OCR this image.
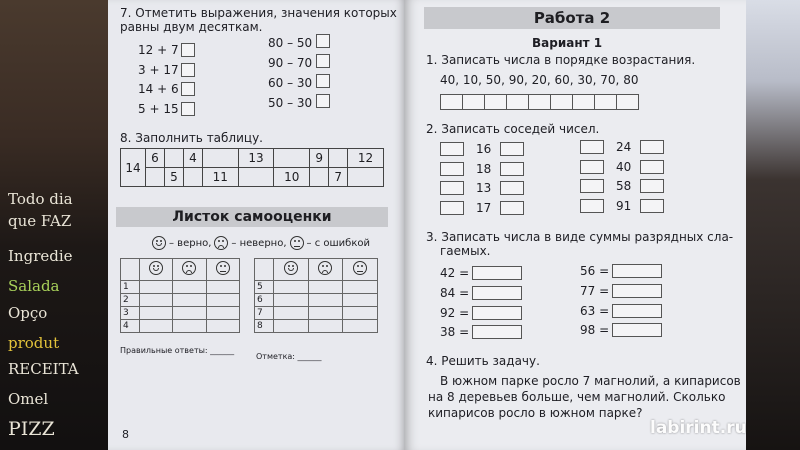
Todo dia
que FAZ
Ingredie
Salada
Opço
produt
RECEITA
Omel
PIZZ
7. Отметить выражения, значения которых
равны двум десяткам.
12 + 7
3 + 17
14 + 6
5 + 15
80 – 50
90 – 70
60 – 30
50 – 30
8. Заполнить таблицу.
14	6		4		13		9		12
		5		11		10		7	
Листок самооценки
– верно, – неверно, – с ошибкой

1			
2			
3			
4			

5			
6			
7			
8			
Правильные ответы: ______
Отметка: ______
8
Работа 2
Вариант 1
1. Записать числа в порядке возрастания.
40, 10, 50, 90, 20, 60, 30, 70, 80
2. Записать соседей чисел.
16
18
13
17
24
40
58
91
3. Записать числа в виде суммы разрядных сла-
гаемых.
42 =
84 =
92 =
38 =
56 =
77 =
63 =
98 =
4. Решить задачу.
В южном парке росло 7 магнолий, а кипарисов
на 8 деревьев больше, чем магнолий. Сколько
кипарисов росло в южном парке?
labirint.ru
